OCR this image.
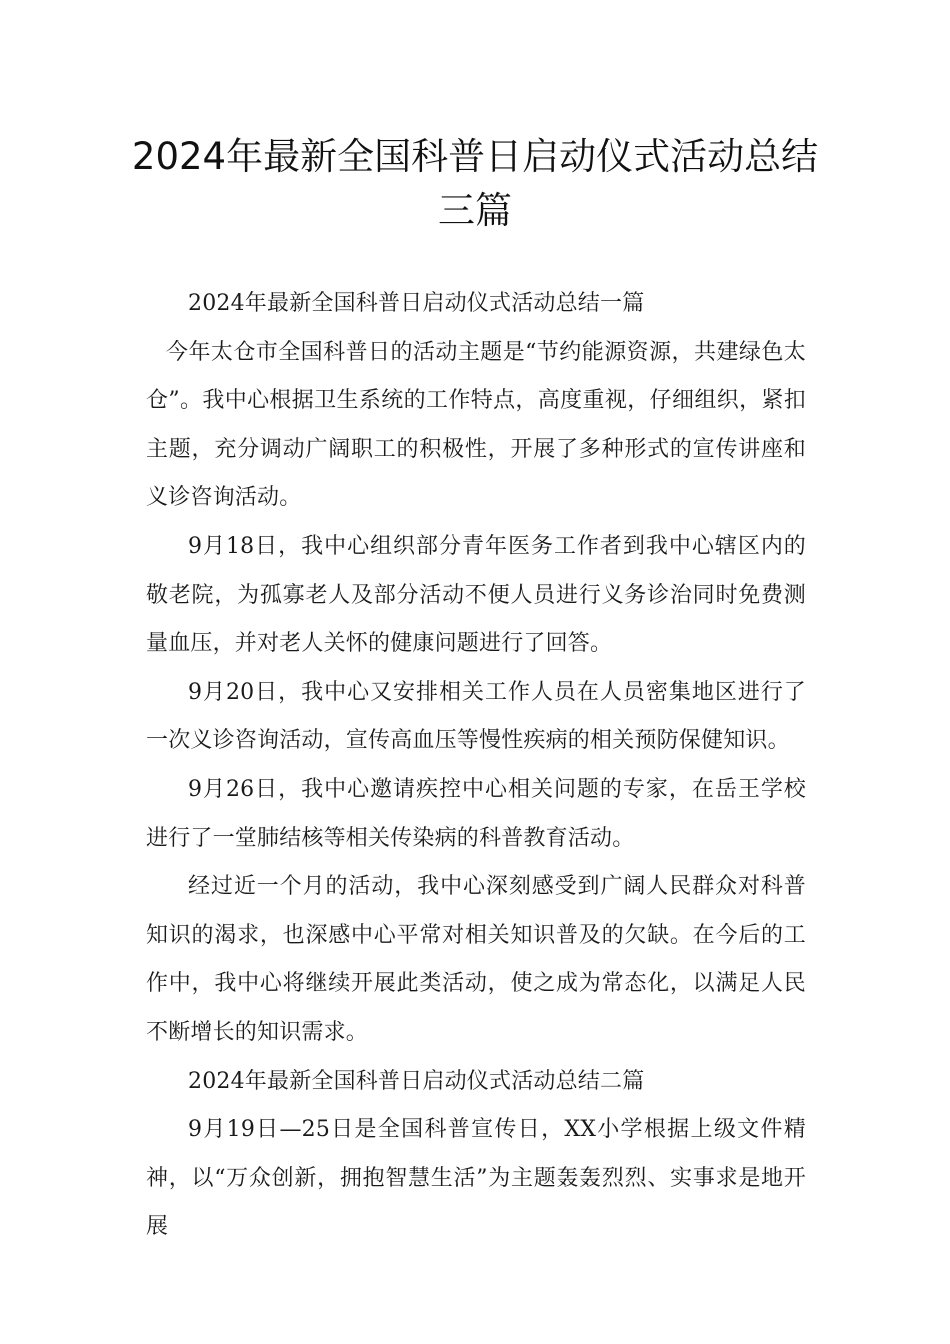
2024年最新全国科普日启动仪式活动总结三篇

2024年最新全国科普日启动仪式活动总结一篇

今年太仓市全国科普日的活动主题是“节约能源资源，共建绿色太仓”。我中心根据卫生系统的工作特点，高度重视，仔细组织，紧扣主题，充分调动广阔职工的积极性，开展了多种形式的宣传讲座和义诊咨询活动。

9月18日，我中心组织部分青年医务工作者到我中心辖区内的敬老院，为孤寡老人及部分活动不便人员进行义务诊治同时免费测量血压，并对老人关怀的健康问题进行了回答。

9月20日，我中心又安排相关工作人员在人员密集地区进行了一次义诊咨询活动，宣传高血压等慢性疾病的相关预防保健知识。

9月26日，我中心邀请疾控中心相关问题的专家，在岳王学校进行了一堂肺结核等相关传染病的科普教育活动。

经过近一个月的活动，我中心深刻感受到广阔人民群众对科普知识的渴求，也深感中心平常对相关知识普及的欠缺。在今后的工作中，我中心将继续开展此类活动，使之成为常态化，以满足人民不断增长的知识需求。

2024年最新全国科普日启动仪式活动总结二篇

9月19日—25日是全国科普宣传日，XX小学根据上级文件精神，以“万众创新，拥抱智慧生活”为主题轰轰烈烈、实事求是地开展
